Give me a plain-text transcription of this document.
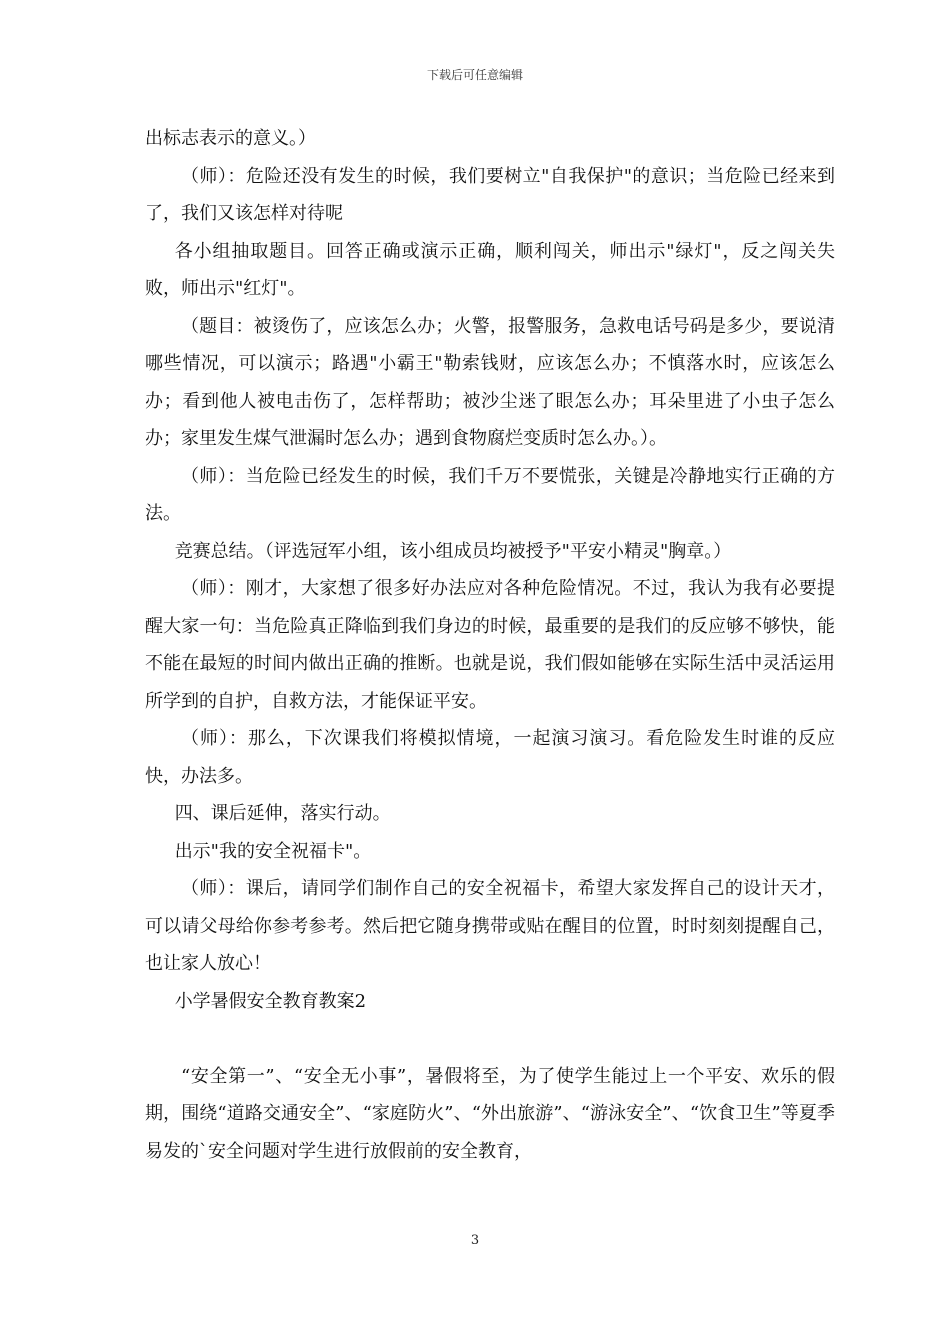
下载后可任意编辑

出标志表示的意义。）

（师）：危险还没有发生的时候，我们要树立"自我保护"的意识；当危险已经来到了，我们又该怎样对待呢

各小组抽取题目。回答正确或演示正确，顺利闯关，师出示"绿灯"，反之闯关失败，师出示"红灯"。

（题目：被烫伤了，应该怎么办；火警，报警服务，急救电话号码是多少，要说清哪些情况，可以演示；路遇"小霸王"勒索钱财，应该怎么办；不慎落水时，应该怎么办；看到他人被电击伤了，怎样帮助；被沙尘迷了眼怎么办；耳朵里进了小虫子怎么办；家里发生煤气泄漏时怎么办；遇到食物腐烂变质时怎么办。）。

（师）：当危险已经发生的时候，我们千万不要慌张，关键是冷静地实行正确的方法。

竞赛总结。（评选冠军小组，该小组成员均被授予"平安小精灵"胸章。）

（师）：刚才，大家想了很多好办法应对各种危险情况。不过，我认为我有必要提醒大家一句：当危险真正降临到我们身边的时候，最重要的是我们的反应够不够快，能不能在最短的时间内做出正确的推断。也就是说，我们假如能够在实际生活中灵活运用所学到的自护，自救方法，才能保证平安。

（师）：那么，下次课我们将模拟情境，一起演习演习。看危险发生时谁的反应快，办法多。

四、课后延伸，落实行动。

出示"我的安全祝福卡"。

（师）：课后，请同学们制作自己的安全祝福卡，希望大家发挥自己的设计天才，可以请父母给你参考参考。然后把它随身携带或贴在醒目的位置，时时刻刻提醒自己，也让家人放心！

小学暑假安全教育教案2

“安全第一”、“安全无小事”，暑假将至，为了使学生能过上一个平安、欢乐的假期，围绕“道路交通安全”、“家庭防火”、“外出旅游”、“游泳安全”、“饮食卫生”等夏季易发的`安全问题对学生进行放假前的安全教育，

3
